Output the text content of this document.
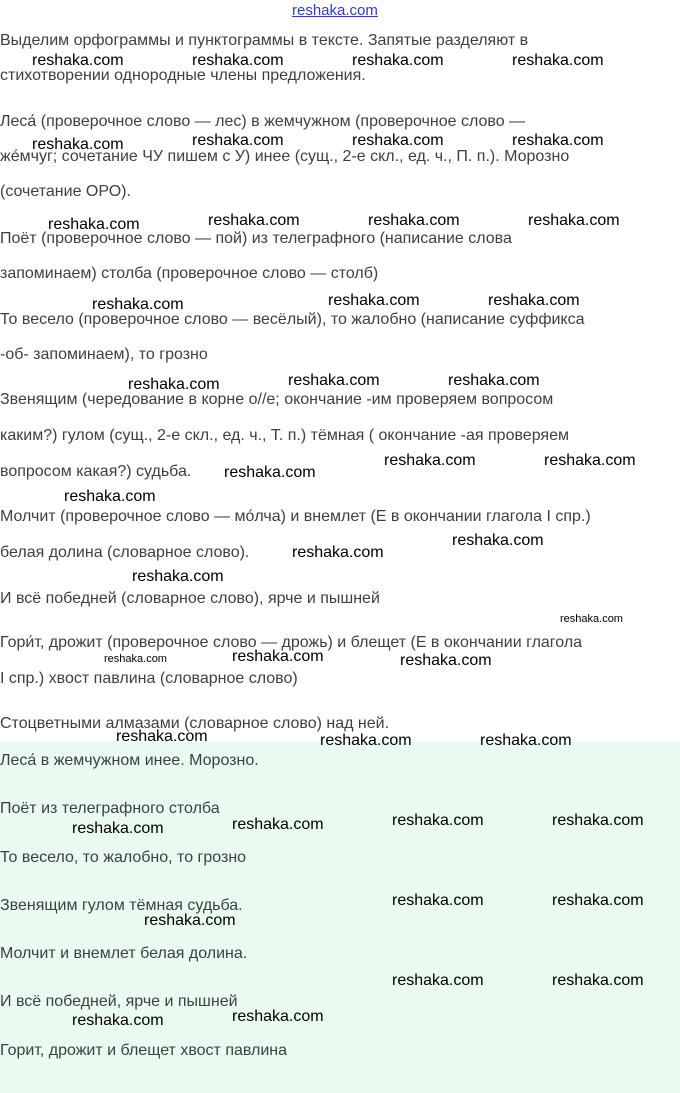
reshaka.com

Выделим орфограммы и пунктограммы в тексте. Запятые разделяют в

стихотворении однородные члены предложения.

Леса́ (проверочное слово — лес) в жемчужном (проверочное слово —

жéмчуг; сочетание ЧУ пишем с У) инее (сущ., 2-е скл., ед. ч., П. п.). Морозно

(сочетание ОРО).

Поёт (проверочное слово — пой) из телеграфного (написание слова

запоминаем) столба (проверочное слово — столб)

То весело (проверочное слово — весёлый), то жалобно (написание суффикса

-об- запоминаем), то грозно

Звенящим (чередование в корне о//е; окончание -им проверяем вопросом

каким?) гулом (сущ., 2-е скл., ед. ч., Т. п.) тёмная ( окончание -ая проверяем

вопросом какая?) судьба.

Молчит (проверочное слово — мóлча) и внемлет (Е в окончании глагола I спр.)

белая долина (словарное слово).

И всё победней (словарное слово), ярче и пышней

Гори́т, дрожит (проверочное слово — дрожь) и блещет (Е в окончании глагола

I спр.) хвост павлина (словарное слово)

Стоцветными алмазами (словарное слово) над ней.

Леса́ в жемчужном инее. Морозно.

Поёт из телеграфного столба

То весело, то жалобно, то грозно

Звенящим гулом тёмная судьба.

Молчит и внемлет белая долина.

И всё победней, ярче и пышней

Горит, дрожит и блещет хвост павлина

reshaka.com	reshaka.com	reshaka.com	reshaka.com
reshaka.com	reshaka.com	reshaka.com	reshaka.com
reshaka.com	reshaka.com	reshaka.com	reshaka.com
reshaka.com	reshaka.com	reshaka.com
reshaka.com	reshaka.com	reshaka.com
reshaka.com
reshaka.com	reshaka.com
reshaka.com
reshaka.com
reshaka.com
reshaka.com
reshaka.com
reshaka.com	reshaka.com	reshaka.com
reshaka.com	reshaka.com	reshaka.com
reshaka.com	reshaka.com	reshaka.com	reshaka.com
reshaka.com	reshaka.com
reshaka.com
reshaka.com	reshaka.com
reshaka.com	reshaka.com
